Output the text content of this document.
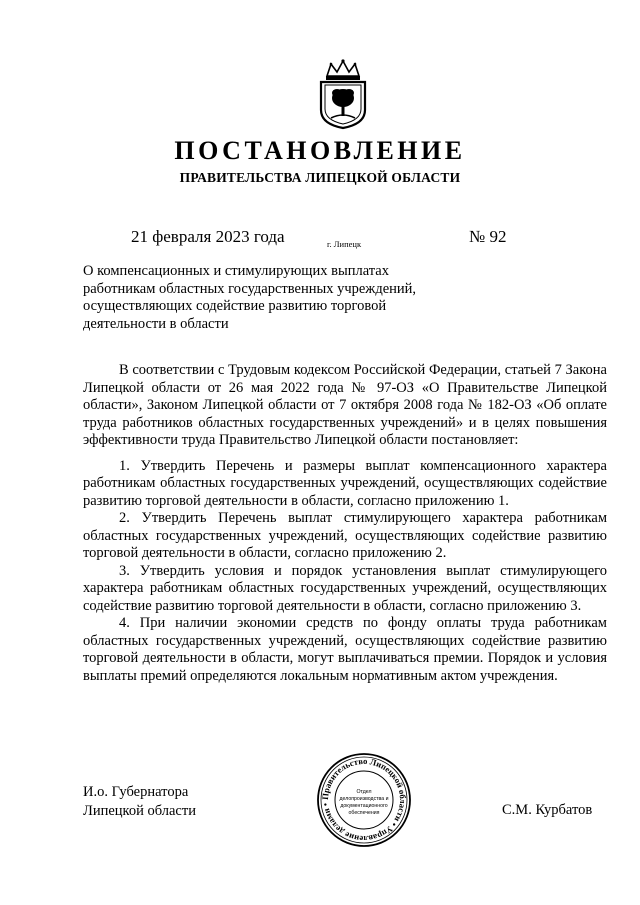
ПОСТАНОВЛЕНИЕ
ПРАВИТЕЛЬСТВА ЛИПЕЦКОЙ ОБЛАСТИ
21 февраля 2023 года	г. Липецк	№ 92
О компенсационных и стимулирующих выплатах
работникам областных государственных учреждений,
осуществляющих содействие развитию торговой
деятельности в области

В соответствии с Трудовым кодексом Российской Федерации, статьей 7 Закона Липецкой области от 26 мая 2022 года № 97-ОЗ «О Правительстве Липецкой области», Законом Липецкой области от 7 октября 2008 года № 182-ОЗ «Об оплате труда работников областных государственных учреждений» и в целях повышения эффективности труда Правительство Липецкой области постановляет:

1. Утвердить Перечень и размеры выплат компенсационного характера работникам областных государственных учреждений, осуществляющих содействие развитию торговой деятельности в области, согласно приложению 1.

2. Утвердить Перечень выплат стимулирующего характера работникам областных государственных учреждений, осуществляющих содействие развитию торговой деятельности в области, согласно приложению 2.

3. Утвердить условия и порядок установления выплат стимулирующего характера работникам областных государственных учреждений, осуществляющих содействие развитию торговой деятельности в области, согласно приложению 3.

4. При наличии экономии средств по фонду оплаты труда работникам областных государственных учреждений, осуществляющих содействие развитию торговой деятельности в области, могут выплачиваться премии. Порядок и условия выплаты премий определяются локальным нормативным актом учреждения.

И.о. Губернатора
Липецкой области
Правительство Липецкой области • Управление делами •
Отдел
делопроизводства и
документационного
обеспечения	С.М. Курбатов
